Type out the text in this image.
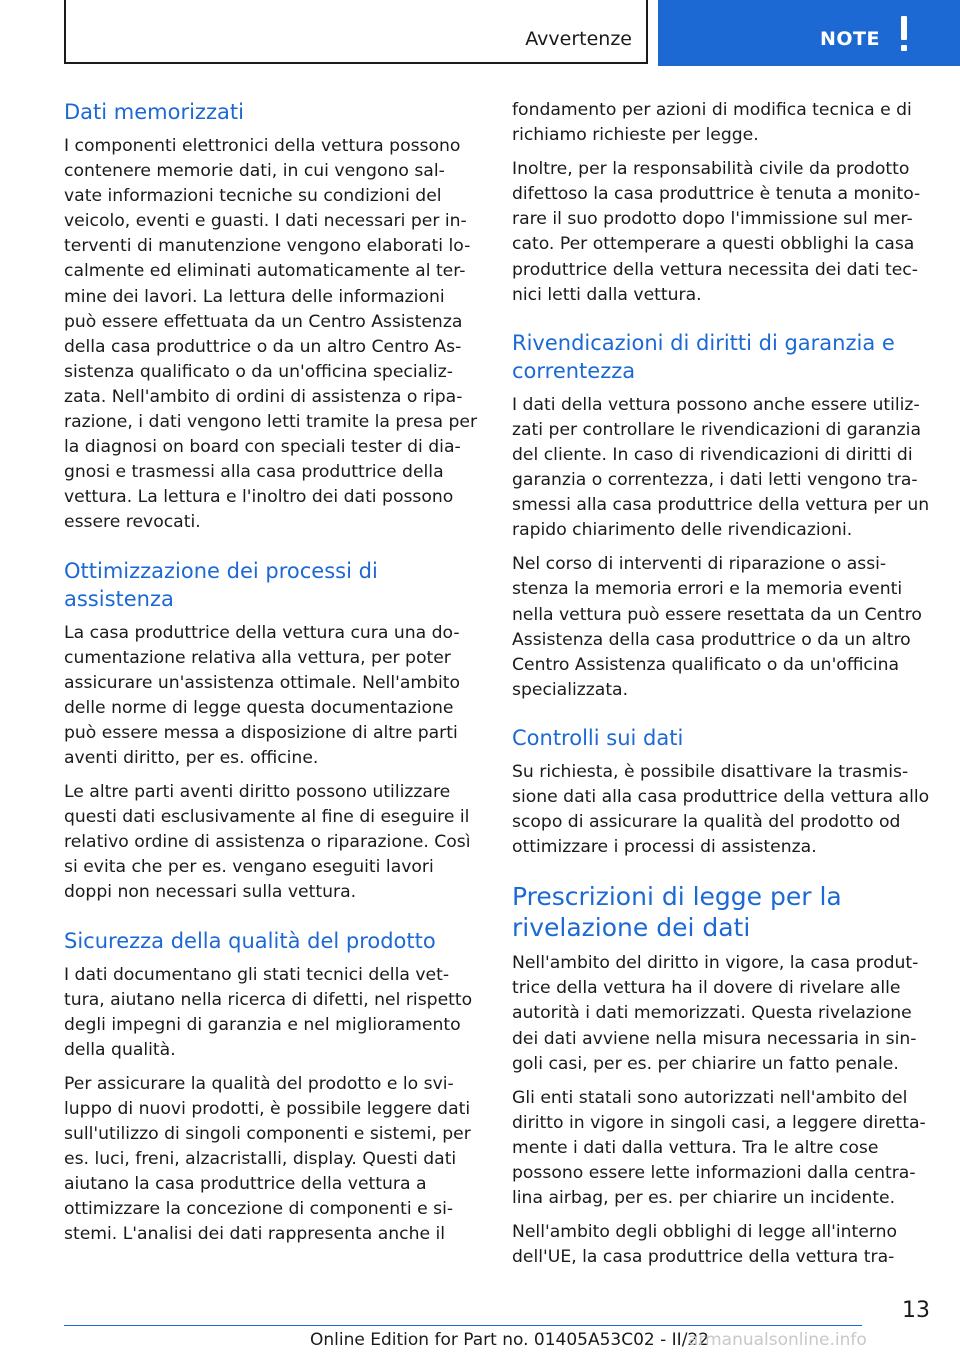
Avvertenze	NOTE
Dati memorizzati

I componenti elettronici della vettura possono contenere memorie dati, in cui vengono sal- vate informazioni tecniche su condizioni del veicolo, eventi e guasti. I dati necessari per in- terventi di manutenzione vengono elaborati lo- calmente ed eliminati automaticamente al ter- mine dei lavori. La lettura delle informazioni può essere effettuata da un Centro Assistenza della casa produttrice o da un altro Centro As- sistenza qualificato o da un'officina specializ- zata. Nell'ambito di ordini di assistenza o ripa- razione, i dati vengono letti tramite la presa per la diagnosi on board con speciali tester di dia- gnosi e trasmessi alla casa produttrice della vettura. La lettura e l'inoltro dei dati possono essere revocati.

Ottimizzazione dei processi di assistenza

La casa produttrice della vettura cura una do- cumentazione relativa alla vettura, per poter assicurare un'assistenza ottimale. Nell'ambito delle norme di legge questa documentazione può essere messa a disposizione di altre parti aventi diritto, per es. officine.

Le altre parti aventi diritto possono utilizzare questi dati esclusivamente al fine di eseguire il relativo ordine di assistenza o riparazione. Così si evita che per es. vengano eseguiti lavori doppi non necessari sulla vettura.

Sicurezza della qualità del prodotto

I dati documentano gli stati tecnici della vet- tura, aiutano nella ricerca di difetti, nel rispetto degli impegni di garanzia e nel miglioramento della qualità.

Per assicurare la qualità del prodotto e lo svi- luppo di nuovi prodotti, è possibile leggere dati sull'utilizzo di singoli componenti e sistemi, per es. luci, freni, alzacristalli, display. Questi dati aiutano la casa produttrice della vettura a ottimizzare la concezione di componenti e si- stemi. L'analisi dei dati rappresenta anche il

fondamento per azioni di modifica tecnica e di richiamo richieste per legge.

Inoltre, per la responsabilità civile da prodotto difettoso la casa produttrice è tenuta a monito- rare il suo prodotto dopo l'immissione sul mer- cato. Per ottemperare a questi obblighi la casa produttrice della vettura necessita dei dati tec- nici letti dalla vettura.

Rivendicazioni di diritti di garanzia e correntezza

I dati della vettura possono anche essere utiliz- zati per controllare le rivendicazioni di garanzia del cliente. In caso di rivendicazioni di diritti di garanzia o correntezza, i dati letti vengono tra- smessi alla casa produttrice della vettura per un rapido chiarimento delle rivendicazioni.

Nel corso di interventi di riparazione o assi- stenza la memoria errori e la memoria eventi nella vettura può essere resettata da un Centro Assistenza della casa produttrice o da un altro Centro Assistenza qualificato o da un'officina specializzata.

Controlli sui dati

Su richiesta, è possibile disattivare la trasmis- sione dati alla casa produttrice della vettura allo scopo di assicurare la qualità del prodotto od ottimizzare i processi di assistenza.

Prescrizioni di legge per la rivelazione dei dati

Nell'ambito del diritto in vigore, la casa produt- trice della vettura ha il dovere di rivelare alle autorità i dati memorizzati. Questa rivelazione dei dati avviene nella misura necessaria in sin- goli casi, per es. per chiarire un fatto penale.

Gli enti statali sono autorizzati nell'ambito del diritto in vigore in singoli casi, a leggere diretta- mente i dati dalla vettura. Tra le altre cose possono essere lette informazioni dalla centra- lina airbag, per es. per chiarire un incidente.

Nell'ambito degli obblighi di legge all'interno dell'UE, la casa produttrice della vettura tra-

13
Online Edition for Part no. 01405A53C02 - II/22
armanualsonline.info
